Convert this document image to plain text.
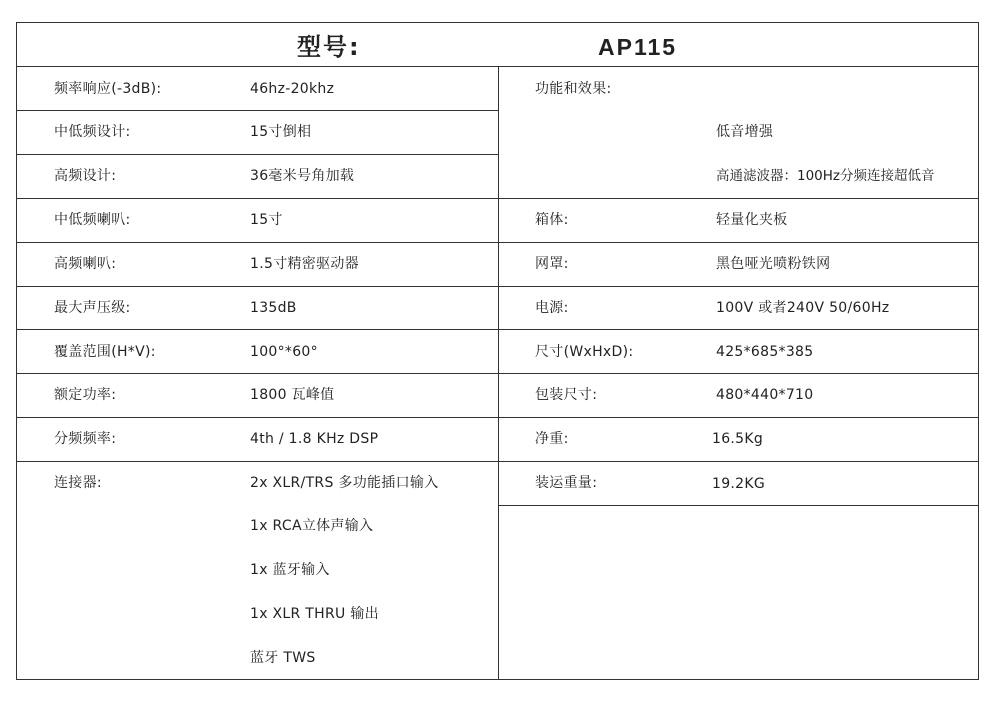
型号:	AP115
频率响应(-3dB):	46hz-20khz
中低频设计:	15寸倒相
高频设计:	36毫米号角加载
中低频喇叭:	15寸
高频喇叭:	1.5寸精密驱动器
最大声压级:	135dB
覆盖范围(H*V):	100°*60°
额定功率:	1800 瓦峰值
分频频率:	4th / 1.8 KHz DSP
连接器:	2x XLR/TRS 多功能插口输入
1x RCA立体声输入
1x 蓝牙输入
1x XLR THRU 输出
蓝牙 TWS
功能和效果:
低音增强
高通滤波器：100Hz分频连接超低音
箱体:	轻量化夹板
网罩:	黑色哑光喷粉铁网
电源:	100V 或者240V 50/60Hz
尺寸(WxHxD):	425*685*385
包装尺寸:	480*440*710
净重:	16.5Kg
装运重量:	19.2KG
